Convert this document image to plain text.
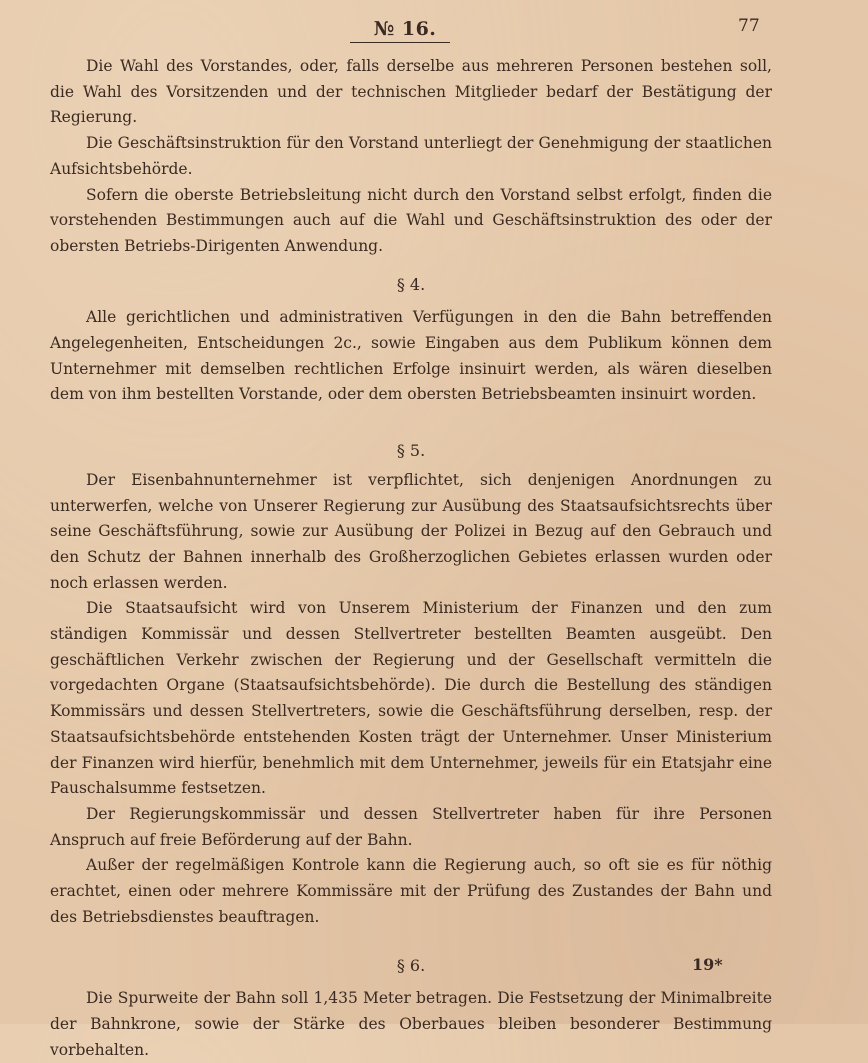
№ 16.	77

Die Wahl des Vorstandes, oder, falls derselbe aus mehreren Personen bestehen soll, die Wahl des Vorsitzenden und der technischen Mitglieder bedarf der Bestätigung der Regierung.

Die Geschäftsinstruktion für den Vorstand unterliegt der Genehmigung der staatlichen Aufsichtsbehörde.

Sofern die oberste Betriebsleitung nicht durch den Vorstand selbst erfolgt, finden die vorstehenden Bestimmungen auch auf die Wahl und Geschäftsinstruktion des oder der obersten Betriebs-Dirigenten Anwendung.

§ 4.

Alle gerichtlichen und administrativen Verfügungen in den die Bahn betreffenden Angelegenheiten, Entscheidungen 2c., sowie Eingaben aus dem Publikum können dem Unternehmer mit demselben rechtlichen Erfolge insinuirt werden, als wären dieselben dem von ihm bestellten Vorstande, oder dem obersten Betriebsbeamten insinuirt worden.

§ 5.

Der Eisenbahnunternehmer ist verpflichtet, sich denjenigen Anordnungen zu unterwerfen, welche von Unserer Regierung zur Ausübung des Staatsaufsichtsrechts über seine Geschäftsführung, sowie zur Ausübung der Polizei in Bezug auf den Gebrauch und den Schutz der Bahnen innerhalb des Großherzoglichen Gebietes erlassen wurden oder noch erlassen werden.

Die Staatsaufsicht wird von Unserem Ministerium der Finanzen und den zum ständigen Kommissär und dessen Stellvertreter bestellten Beamten ausgeübt. Den geschäftlichen Verkehr zwischen der Regierung und der Gesellschaft vermitteln die vorgedachten Organe (Staatsaufsichtsbehörde). Die durch die Bestellung des ständigen Kommissärs und dessen Stellvertreters, sowie die Geschäftsführung derselben, resp. der Staatsaufsichtsbehörde entstehenden Kosten trägt der Unternehmer. Unser Ministerium der Finanzen wird hierfür, benehmlich mit dem Unternehmer, jeweils für ein Etatsjahr eine Pauschalsumme festsetzen.

Der Regierungskommissär und dessen Stellvertreter haben für ihre Personen Anspruch auf freie Beförderung auf der Bahn.

Außer der regelmäßigen Kontrole kann die Regierung auch, so oft sie es für nöthig erachtet, einen oder mehrere Kommissäre mit der Prüfung des Zustandes der Bahn und des Betriebsdienstes beauftragen.

§ 6.

Die Spurweite der Bahn soll 1,435 Meter betragen. Die Festsetzung der Minimalbreite der Bahnkrone, sowie der Stärke des Oberbaues bleiben besonderer Bestimmung vorbehalten.

19*
